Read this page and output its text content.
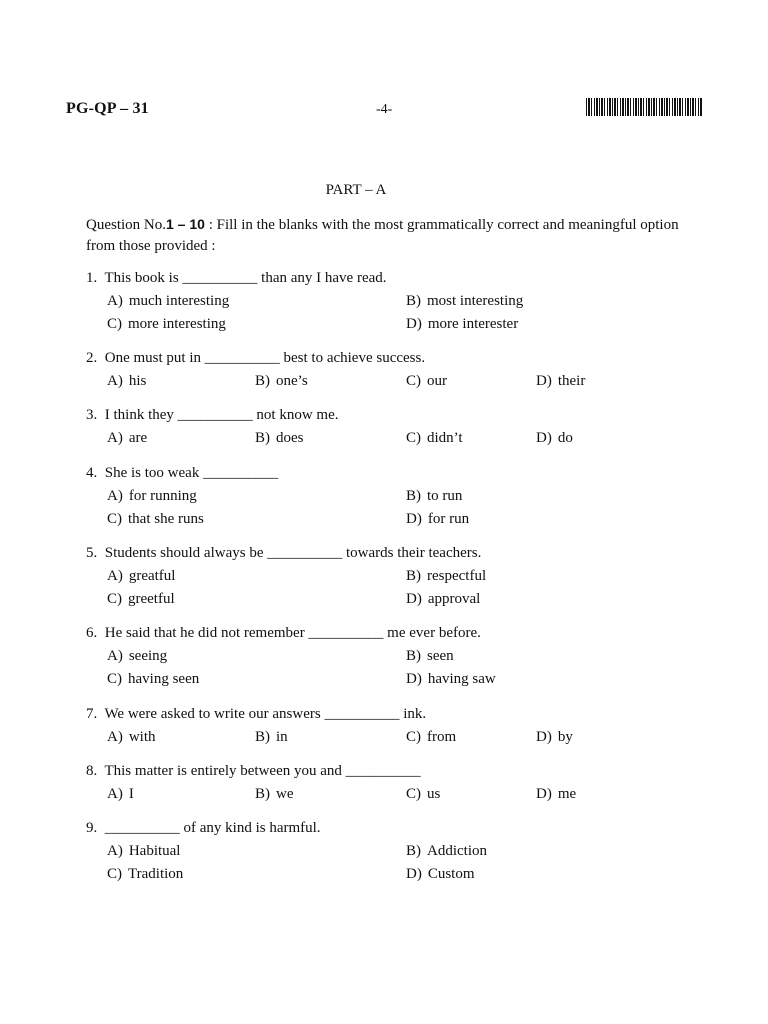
PG-QP – 31	-4-
PART – A
Question No.1 – 10 : Fill in the blanks with the most grammatically correct and meaningful option from those provided :
1.  This book is __________ than any I have read.
A) much interesting	B) most interesting
C) more interesting	D) more interester
2.  One must put in __________ best to achieve success.
A) his	B) one’s	C) our	D) their
3.  I think they __________ not know me.
A) are	B) does	C) didn’t	D) do
4.  She is too weak __________
A) for running	B) to run
C) that she runs	D) for run
5.  Students should always be __________ towards their teachers.
A) greatful	B) respectful
C) greetful	D) approval
6.  He said that he did not remember __________ me ever before.
A) seeing	B) seen
C) having seen	D) having saw
7.  We were asked to write our answers __________ ink.
A) with	B) in	C) from	D) by
8.  This matter is entirely between you and __________
A) I	B) we	C) us	D) me
9.  __________ of any kind is harmful.
A) Habitual	B) Addiction
C) Tradition	D) Custom
